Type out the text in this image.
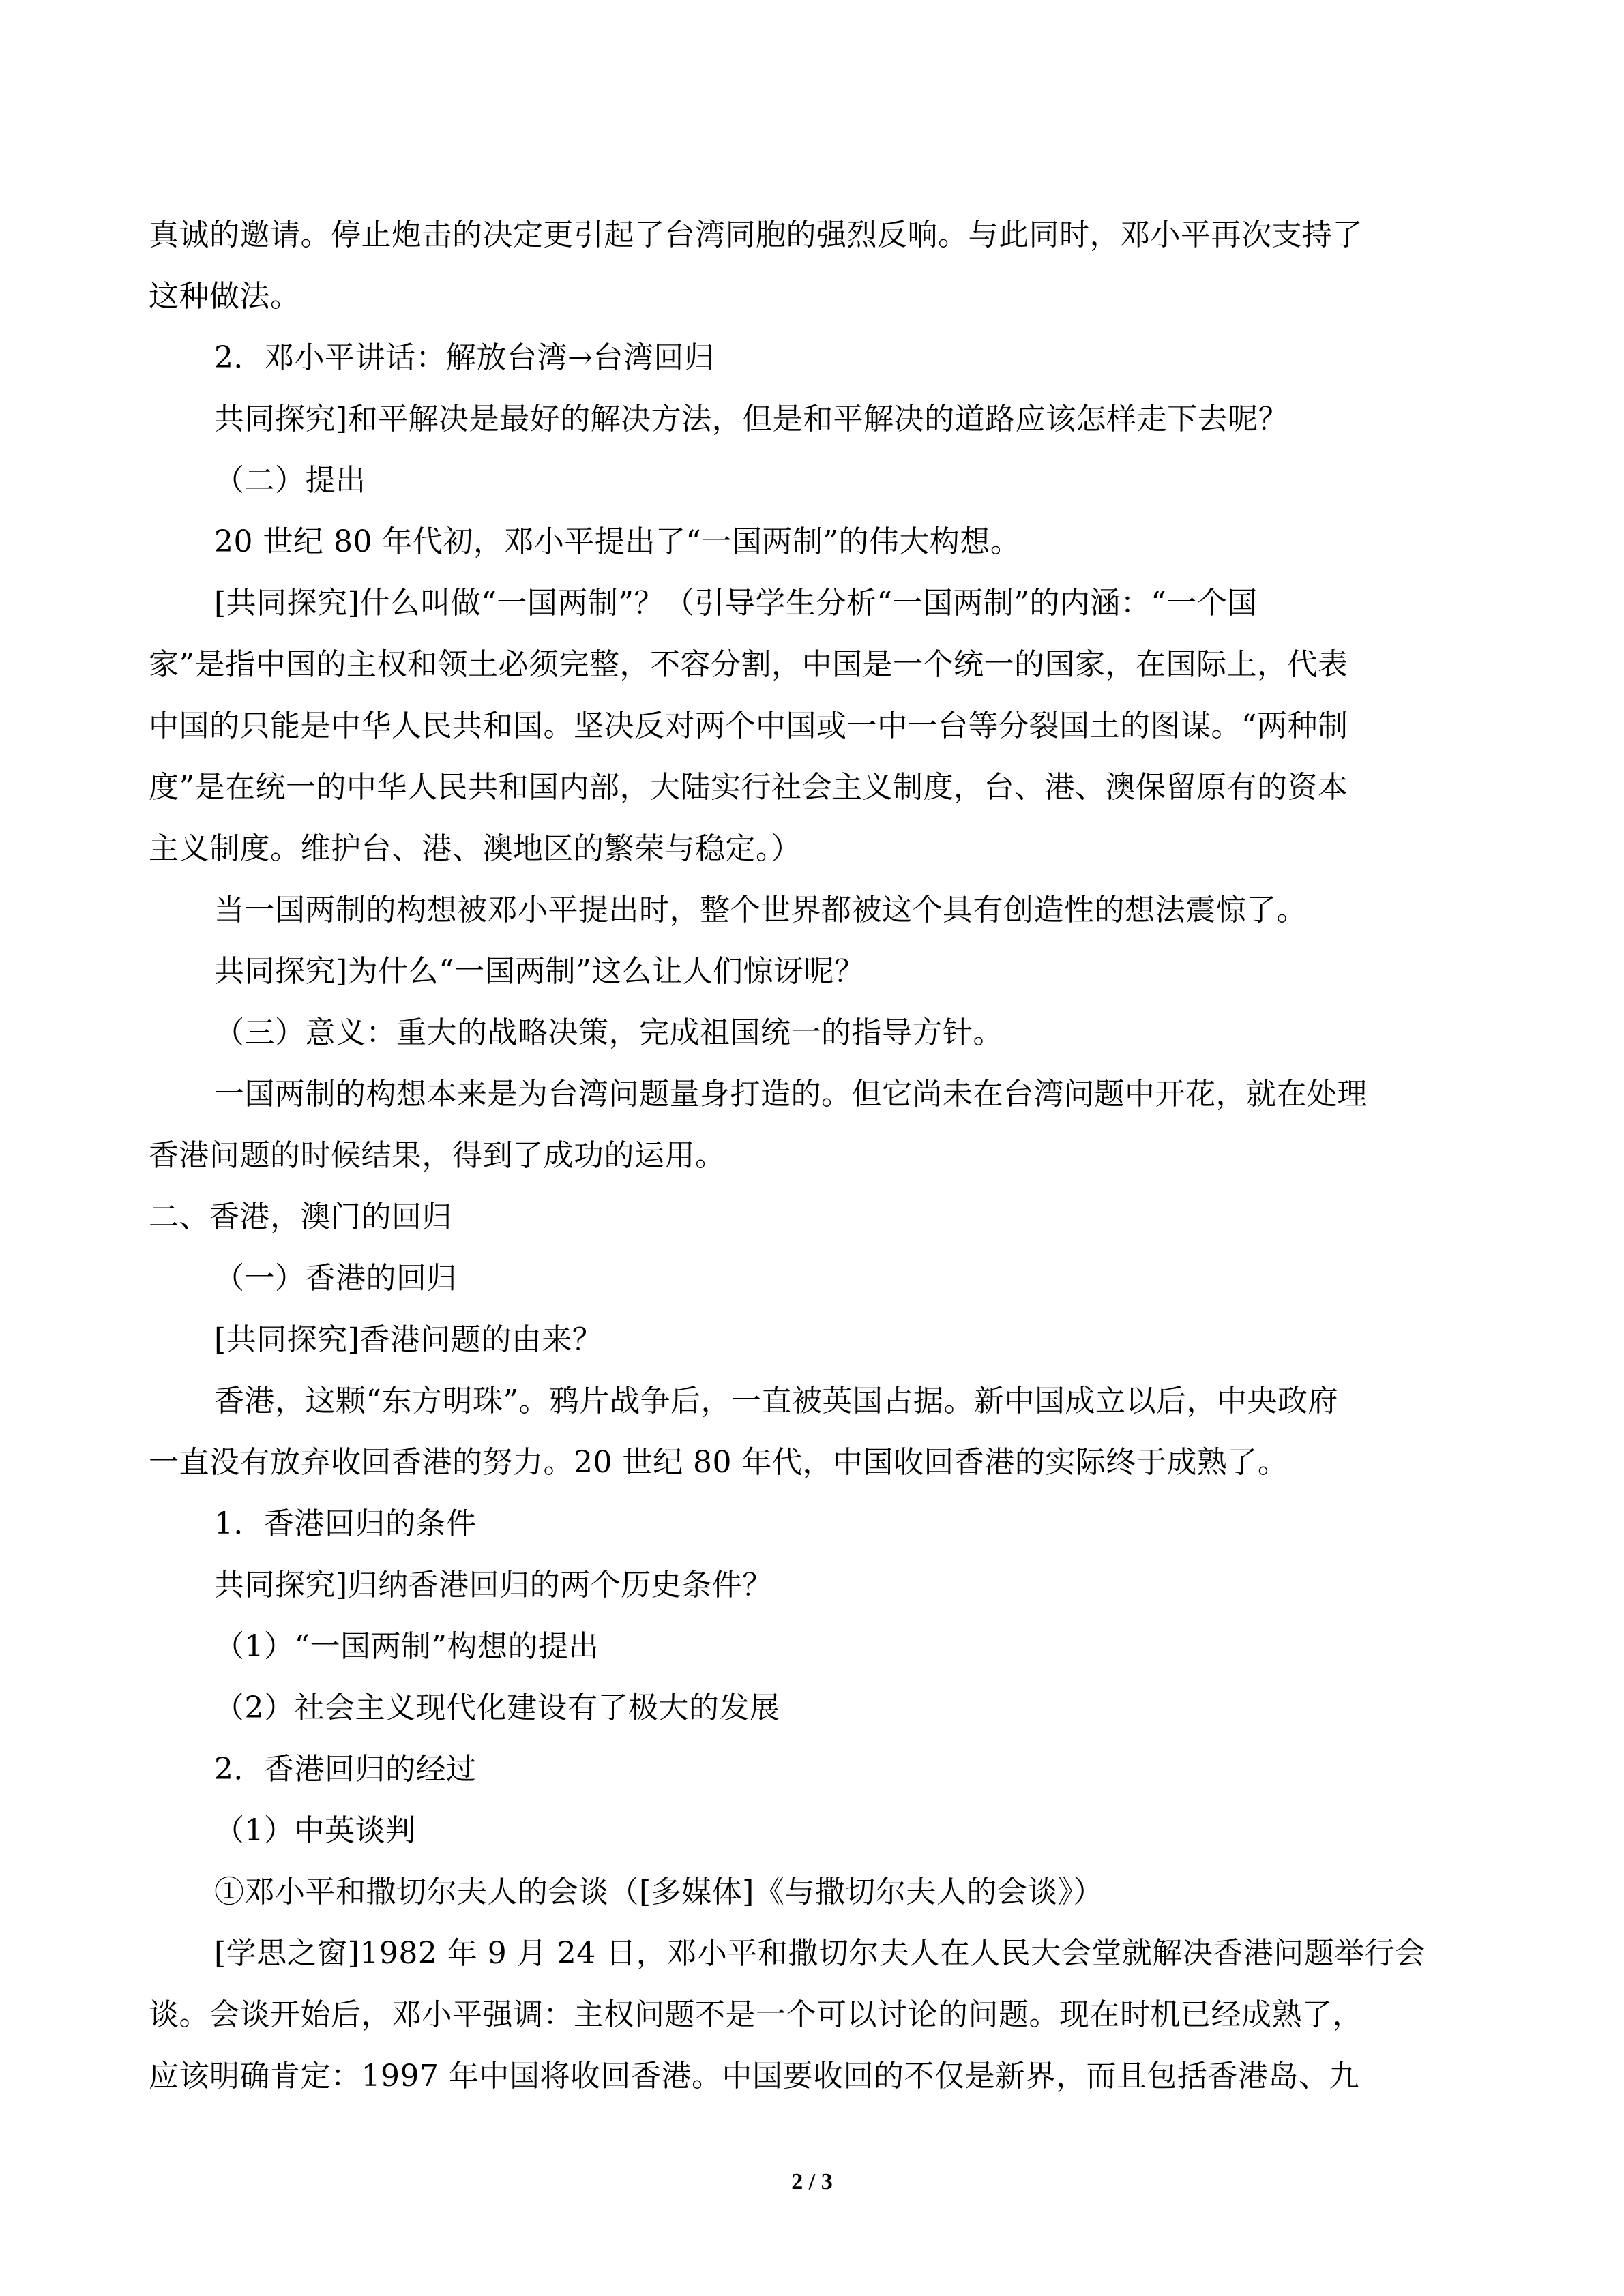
真诚的邀请。停止炮击的决定更引起了台湾同胞的强烈反响。与此同时，邓小平再次支持了
这种做法。
2．邓小平讲话：解放台湾→台湾回归
共同探究]和平解决是最好的解决方法，但是和平解决的道路应该怎样走下去呢？
（二）提出
20 世纪 80 年代初，邓小平提出了“一国两制”的伟大构想。
[共同探究]什么叫做“一国两制”？（引导学生分析“一国两制”的内涵：“一个国
家”是指中国的主权和领土必须完整，不容分割，中国是一个统一的国家，在国际上，代表
中国的只能是中华人民共和国。坚决反对两个中国或一中一台等分裂国土的图谋。“两种制
度”是在统一的中华人民共和国内部，大陆实行社会主义制度，台、港、澳保留原有的资本
主义制度。维护台、港、澳地区的繁荣与稳定。）
当一国两制的构想被邓小平提出时，整个世界都被这个具有创造性的想法震惊了。
共同探究]为什么“一国两制”这么让人们惊讶呢？
（三）意义：重大的战略决策，完成祖国统一的指导方针。
一国两制的构想本来是为台湾问题量身打造的。但它尚未在台湾问题中开花，就在处理
香港问题的时候结果，得到了成功的运用。
二、香港，澳门的回归
（一）香港的回归
[共同探究]香港问题的由来？
香港，这颗“东方明珠”。鸦片战争后，一直被英国占据。新中国成立以后，中央政府
一直没有放弃收回香港的努力。20 世纪 80 年代，中国收回香港的实际终于成熟了。
1．香港回归的条件
共同探究]归纳香港回归的两个历史条件？
（1）“一国两制”构想的提出
（2）社会主义现代化建设有了极大的发展
2．香港回归的经过
（1）中英谈判
①邓小平和撒切尔夫人的会谈（[多媒体]《与撒切尔夫人的会谈》）
[学思之窗]1982 年 9 月 24 日，邓小平和撒切尔夫人在人民大会堂就解决香港问题举行会
谈。会谈开始后，邓小平强调：主权问题不是一个可以讨论的问题。现在时机已经成熟了，
应该明确肯定：1997 年中国将收回香港。中国要收回的不仅是新界，而且包括香港岛、九
2 / 3
